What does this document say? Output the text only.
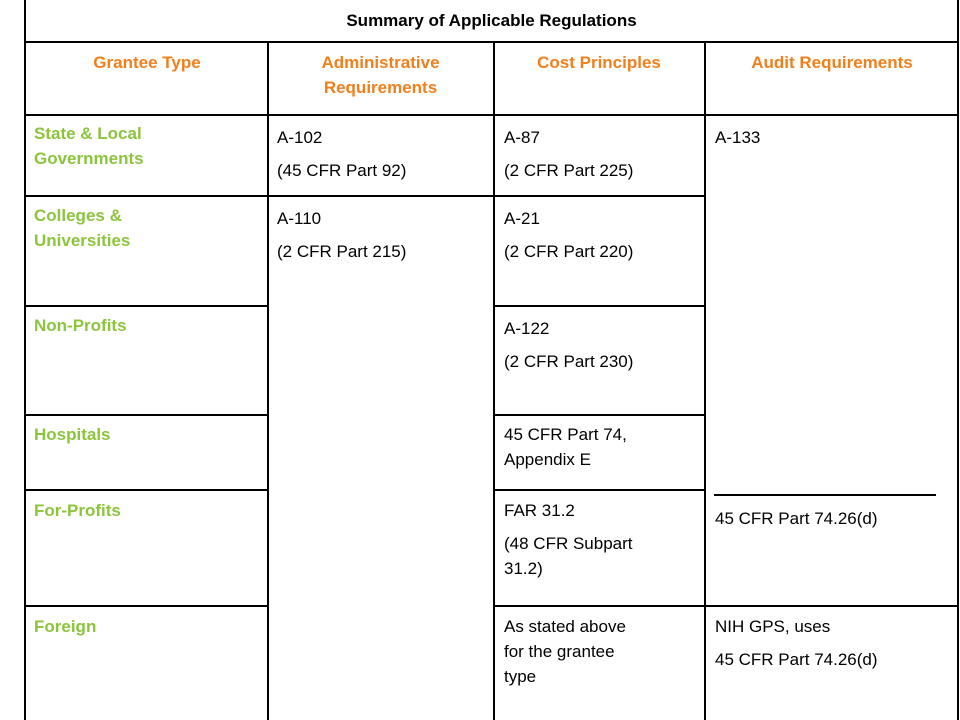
Summary of Applicable Regulations
Grantee Type	Administrative
Requirements
Cost Principles	Audit Requirements
State & Local
Governments
Colleges &
Universities
Non-Profits
Hospitals
For-Profits
Foreign
A-102
(45 CFR Part 92)
A-110
(2 CFR Part 215)
A-87
(2 CFR Part 225)
A-21
(2 CFR Part 220)
A-122
(2 CFR Part 230)
45 CFR Part 74,
Appendix E
FAR 31.2
(48 CFR Subpart
31.2)
As stated above
for the grantee
type
A-133
45 CFR Part 74.26(d)
NIH GPS, uses
45 CFR Part 74.26(d)
